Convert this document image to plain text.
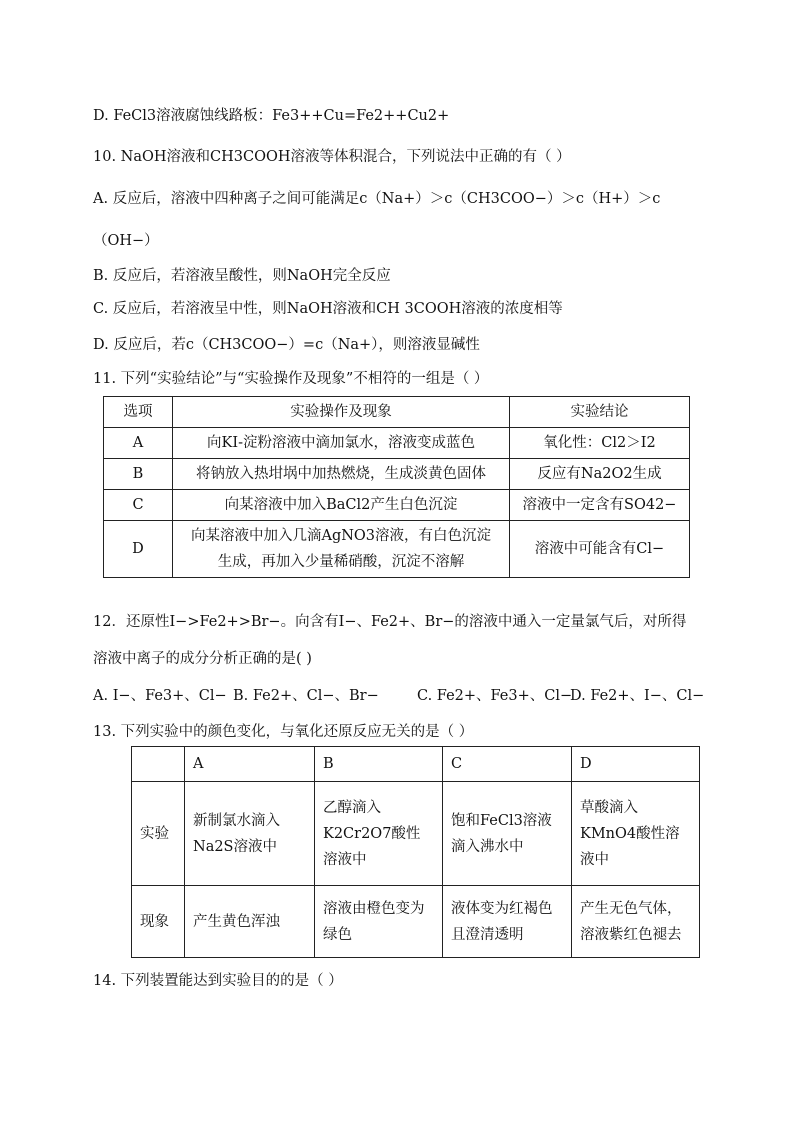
D. FeCl3溶液腐蚀线路板：Fe3++Cu=Fe2++Cu2+
10. NaOH溶液和CH3COOH溶液等体积混合，下列说法中正确的有（ ）
A. 反应后，溶液中四种离子之间可能满足c（Na+）＞c（CH3COO−）＞c（H+）＞c
（OH−）
B. 反应后，若溶液呈酸性，则NaOH完全反应
C. 反应后，若溶液呈中性，则NaOH溶液和CH 3COOH溶液的浓度相等
D. 反应后，若c（CH3COO−）=c（Na+），则溶液显碱性
11. 下列“实验结论”与“实验操作及现象”不相符的一组是（ ）
选项	实验操作及现象	实验结论
A	向KI-淀粉溶液中滴加氯水，溶液变成蓝色	氧化性：Cl2＞I2
B	将钠放入热坩埚中加热燃烧，生成淡黄色固体	反应有Na2O2生成
C	向某溶液中加入BaCl2产生白色沉淀	溶液中一定含有SO42−
D	向某溶液中加入几滴AgNO3溶液，有白色沉淀
生成，再加入少量稀硝酸，沉淀不溶解	溶液中可能含有Cl−
12．还原性I−>Fe2+>Br−。向含有I−、Fe2+、Br−的溶液中通入一定量氯气后，对所得
溶液中离子的成分分析正确的是( )
A. I−、Fe3+、Cl− B. Fe2+、Cl−、Br−	C. Fe2+、Fe3+、Cl−
D. Fe2+、I−、Cl−
13. 下列实验中的颜色变化，与氧化还原反应无关的是（ ）
	A	B	C	D
实验	新制氯水滴入Na2S溶液中	乙醇滴入K2Cr2O7酸性溶液中	饱和FeCl3溶液滴入沸水中	草酸滴入KMnO4酸性溶液中
现象	产生黄色浑浊	溶液由橙色变为绿色	液体变为红褐色且澄清透明	产生无色气体，溶液紫红色褪去
14. 下列装置能达到实验目的的是（ ）
